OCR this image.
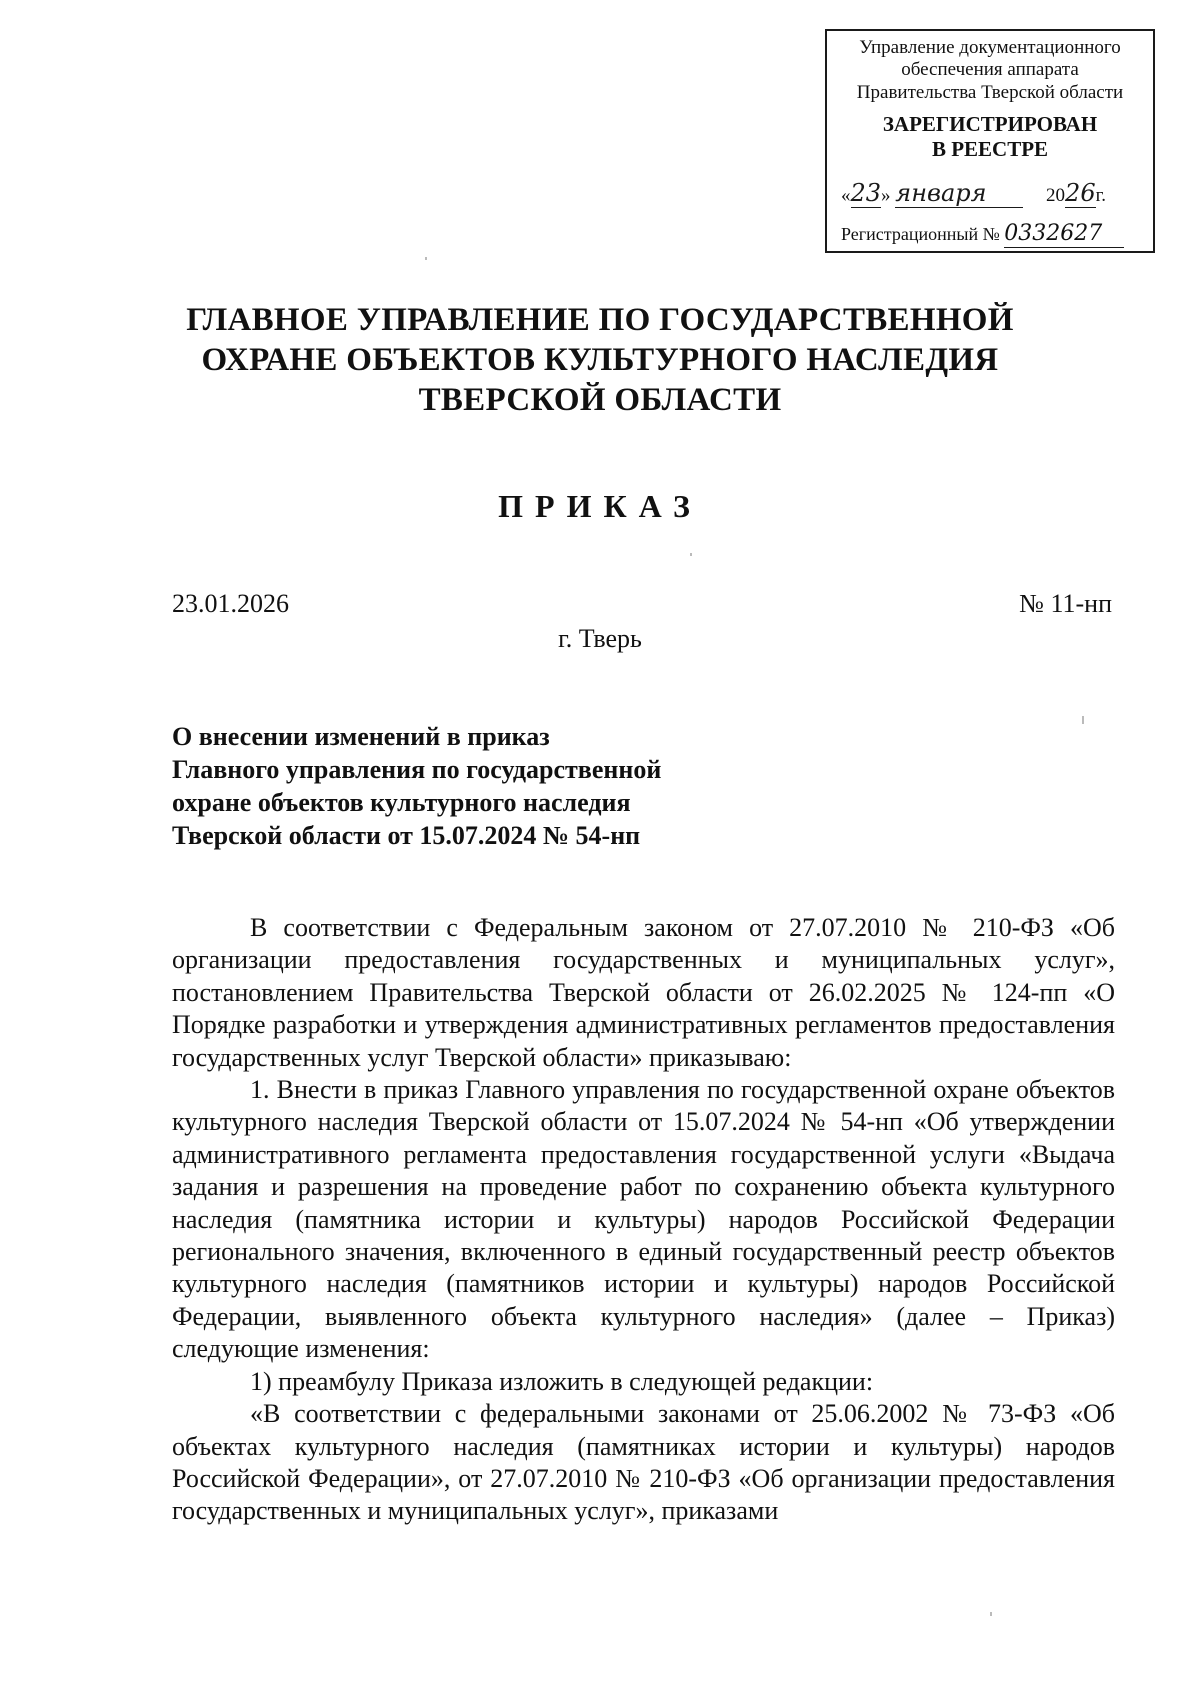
Управление документационного
обеспечения аппарата
Правительства Тверской области
ЗАРЕГИСТРИРОВАН
В РЕЕСТРЕ
«23» января	2026г.
Регистрационный № 0332627
ГЛАВНОЕ УПРАВЛЕНИЕ ПО ГОСУДАРСТВЕННОЙ
ОХРАНЕ ОБЪЕКТОВ КУЛЬТУРНОГО НАСЛЕДИЯ
ТВЕРСКОЙ ОБЛАСТИ
ПРИКАЗ
23.01.2026	№ 11-нп
г. Тверь
О внесении изменений в приказ
Главного управления по государственной
охране объектов культурного наследия
Тверской области от 15.07.2024 № 54-нп

В соответствии с Федеральным законом от 27.07.2010 № 210-ФЗ «Об организации предоставления государственных и муниципальных услуг», постановлением Правительства Тверской области от 26.02.2025 № 124-пп «О Порядке разработки и утверждения административных регламентов предоставления государственных услуг Тверской области» приказываю:

1. Внести в приказ Главного управления по государственной охране объектов культурного наследия Тверской области от 15.07.2024 № 54-нп «Об утверждении административного регламента предоставления государственной услуги «Выдача задания и разрешения на проведение работ по сохранению объекта культурного наследия (памятника истории и культуры) народов Российской Федерации регионального значения, включенного в единый государственный реестр объектов культурного наследия (памятников истории и культуры) народов Российской Федерации, выявленного объекта культурного наследия» (далее – Приказ) следующие изменения:

1) преамбулу Приказа изложить в следующей редакции:

«В соответствии с федеральными законами от 25.06.2002 № 73-ФЗ «Об объектах культурного наследия (памятниках истории и культуры) народов Российской Федерации», от 27.07.2010 № 210-ФЗ «Об организации предоставления государственных и муниципальных услуг», приказами
